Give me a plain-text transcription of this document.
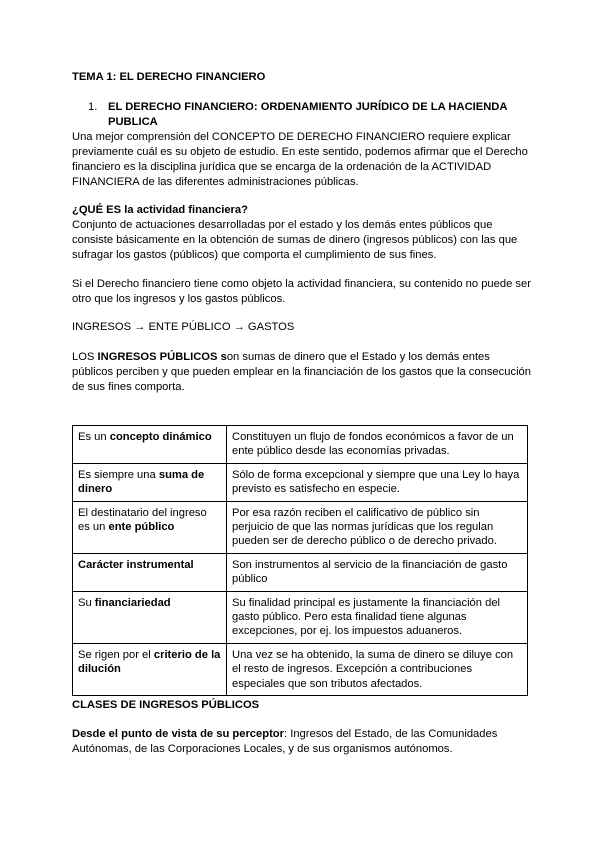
TEMA 1: EL DERECHO FINANCIERO

1. EL DERECHO FINANCIERO: ORDENAMIENTO JURÍDICO DE LA HACIENDA PUBLICA

Una mejor comprensión del CONCEPTO DE DERECHO FINANCIERO requiere explicar previamente cuál es su objeto de estudio. En este sentido, podemos afirmar que el Derecho financiero es la disciplina jurídica que se encarga de la ordenación de la ACTIVIDAD FINANCIERA de las diferentes administraciones públicas.

¿QUÉ ES la actividad financiera?

Conjunto de actuaciones desarrolladas por el estado y los demás entes públicos que consiste básicamente en la obtención de sumas de dinero (ingresos públicos) con las que sufragar los gastos (públicos) que comporta el cumplimiento de sus fines.

Si el Derecho financiero tiene como objeto la actividad financiera, su contenido no puede ser otro que los ingresos y los gastos públicos.

INGRESOS → ENTE PÚBLICO → GASTOS

LOS INGRESOS PÚBLICOS son sumas de dinero que el Estado y los demás entes públicos perciben y que pueden emplear en la financiación de los gastos que la consecución de sus fines comporta.

Es un concepto dinámico	Constituyen un flujo de fondos económicos a favor de un ente público desde las economías privadas.
Es siempre una suma de dinero	Sólo de forma excepcional y siempre que una Ley lo haya previsto es satisfecho en especie.
El destinatario del ingreso es un ente público	Por esa razón reciben el calificativo de público sin perjuicio de que las normas jurídicas que los regulan pueden ser de derecho público o de derecho privado.
Carácter instrumental	Son instrumentos al servicio de la financiación de gasto público
Su financiariedad	Su finalidad principal es justamente la financiación del gasto público. Pero esta finalidad tiene algunas excepciones, por ej. los impuestos aduaneros.
Se rigen por el criterio de la dilución	Una vez se ha obtenido, la suma de dinero se diluye con el resto de ingresos. Excepción a contribuciones especiales que son tributos afectados.

CLASES DE INGRESOS PÚBLICOS

Desde el punto de vista de su perceptor: Ingresos del Estado, de las Comunidades Autónomas, de las Corporaciones Locales, y de sus organismos autónomos.
